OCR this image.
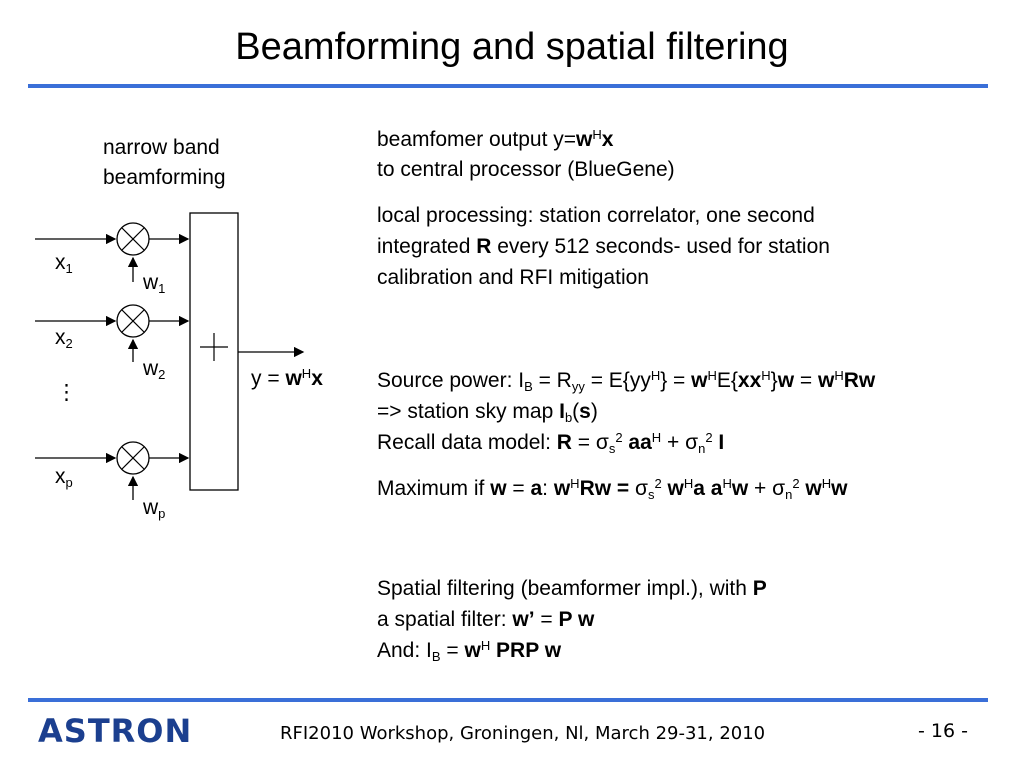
Beamforming and spatial filtering
narrow band
beamforming
$x_1$
$w_1$
$x_2$
$w_2$
⋮
$x_p$
$w_p$
$y = w^Hx$
beamfomer output $y=w^Hx$
to central processor (BlueGene)
local processing: station correlator, one second
integrated R every 512 seconds- used for station
calibration and RFI mitigation
Source power: $I_B = R_{yy} = E\{yy^H\} = w^HE\{xx^H\}w = w^HRw$
=> station sky map $I_b(s)$
Recall data model: $R = \sigma_s^2$ $aa^H + \sigma_n^2$ I
Maximum if w = a: $w^HRw = \sigma_s^2$ $w^Ha$ $a^Hw + \sigma_n^2$ $w^Hw$
Spatial filtering (beamformer impl.), with P
a spatial filter: w’ = P w
And: $I_B = w^H$ PRP w
ASTRON	RFI2010 Workshop, Groningen, Nl, March 29-31, 2010	- 16 -
